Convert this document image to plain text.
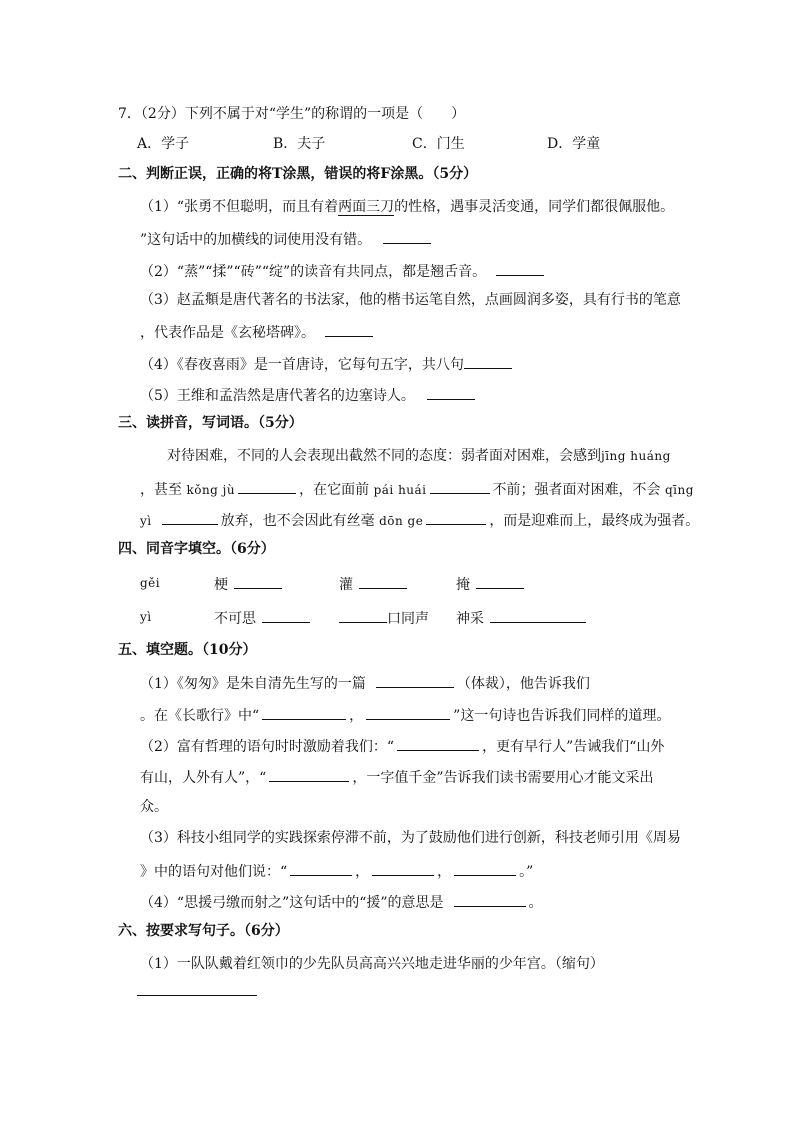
7．（2分）下列不属于对“学生”的称谓的一项是（　　）
A．学子	B．夫子	C．门生	D．学童
二、判断正误，正确的将T涂黑，错误的将F涂黑。（5分）
（1）“张勇不但聪明，而且有着两面三刀的性格，遇事灵活变通，同学们都很佩服他。
”这句话中的加横线的词使用没有错。
（2）“蒸”“揉”“砖”“绽”的读音有共同点，都是翘舌音。
（3）赵孟頫是唐代著名的书法家，他的楷书运笔自然，点画圆润多姿，具有行书的笔意
，代表作品是《玄秘塔碑》。
（4）《春夜喜雨》是一首唐诗，它每句五字，共八句
（5）王维和孟浩然是唐代著名的边塞诗人。
三、读拼音，写词语。（5分）
对待困难，不同的人会表现出截然不同的态度：弱者面对困难，会感到jīng huáng
，甚至 kǒng jù	，在它面前 pái huái	不前；强者面对困难，不会 qīng
yì	放弃，也不会因此有丝毫 dōn ge	，而是迎难而上，最终成为强者。
四、同音字填空。（6分）
gěi	梗	灌	掩
yì	不可思	口同声 神采
五、填空题。（10分）
（1）《匆匆》是朱自清先生写的一篇	（体裁），他告诉我们
。在《长歌行》中“	，	”这一句诗也告诉我们同样的道理。
（2）富有哲理的语句时时激励着我们：“	，更有早行人”告诫我们“山外
有山，人外有人”，“	，一字值千金”告诉我们读书需要用心才能文采出
众。
（3）科技小组同学的实践探索停滞不前，为了鼓励他们进行创新，科技老师引用《周易
》中的语句对他们说：“	，	，	。”
（4）“思援弓缴而射之”这句话中的“援”的意思是	。
六、按要求写句子。（6分）
（1）一队队戴着红领巾的少先队员高高兴兴地走进华丽的少年宫。（缩句）
